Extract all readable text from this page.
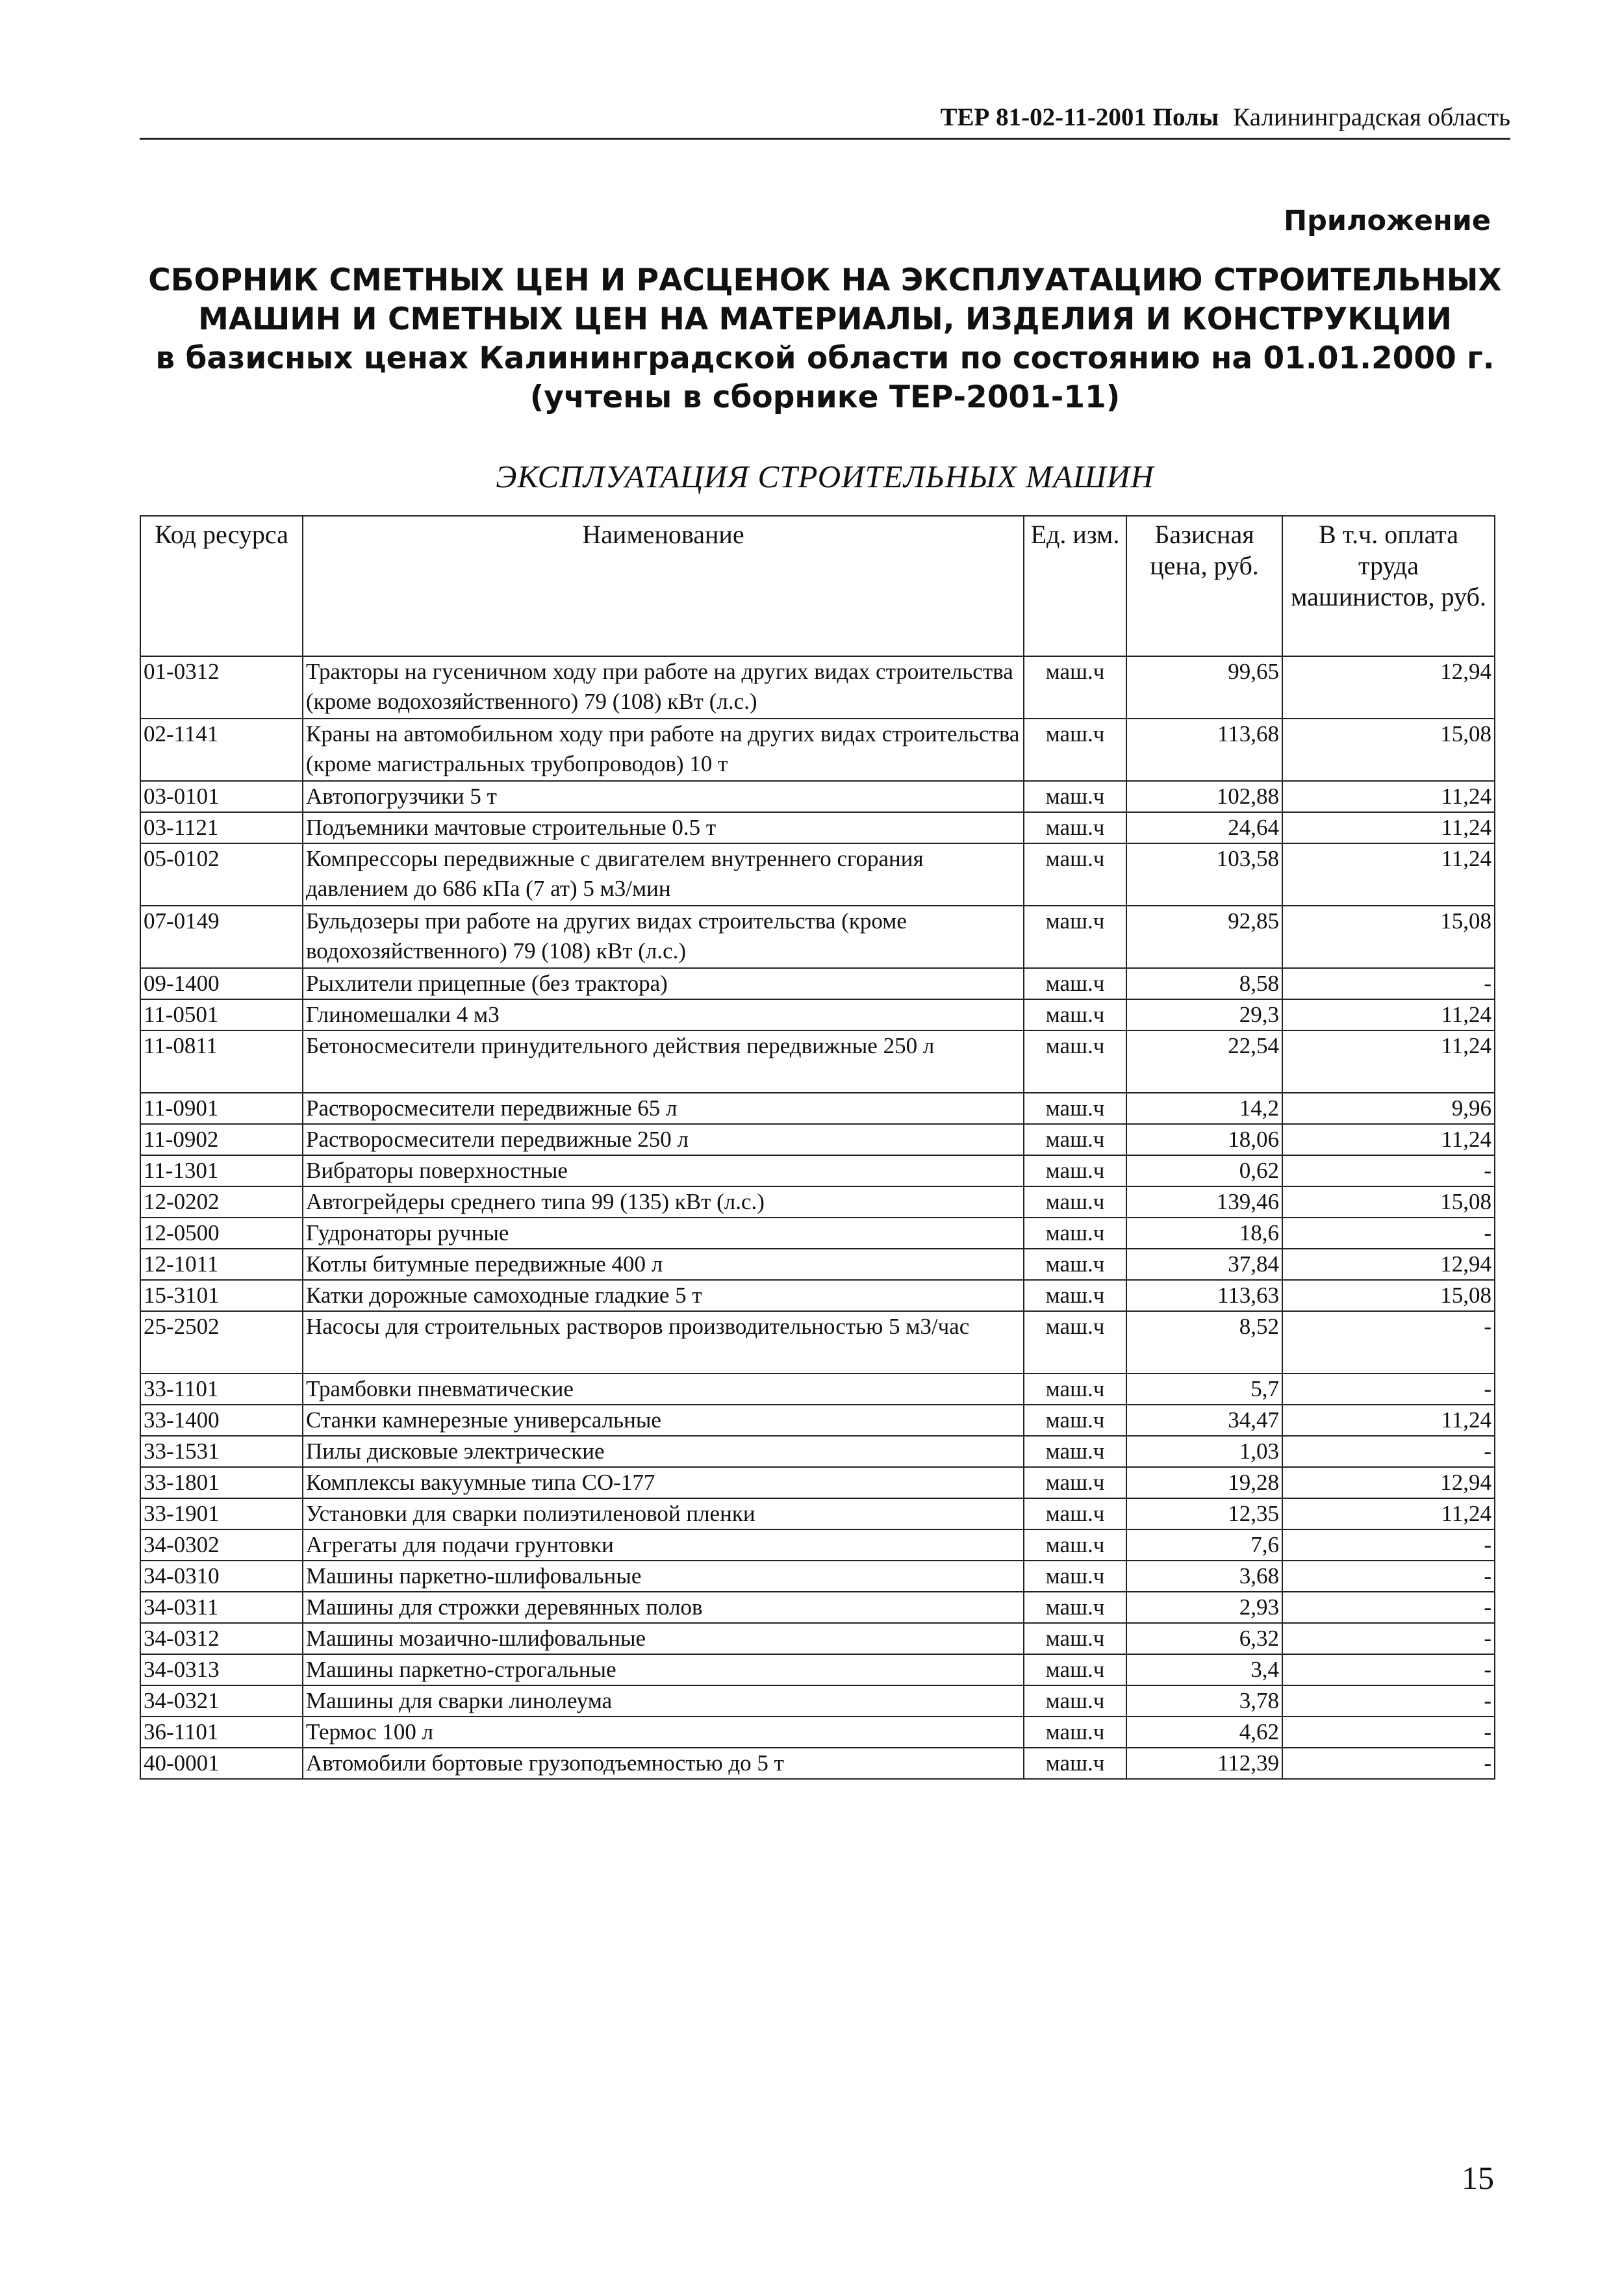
ТЕР 81-02-11-2001 Полы Калининградская область
Приложение
СБОРНИК СМЕТНЫХ ЦЕН И РАСЦЕНОК НА ЭКСПЛУАТАЦИЮ СТРОИТЕЛЬНЫХ
МАШИН И СМЕТНЫХ ЦЕН НА МАТЕРИАЛЫ, ИЗДЕЛИЯ И КОНСТРУКЦИИ
в базисных ценах Калининградской области по состоянию на 01.01.2000 г.
(учтены в сборнике ТЕР-2001-11)
ЭКСПЛУАТАЦИЯ СТРОИТЕЛЬНЫХ МАШИН
Код ресурса	Наименование	Ед. изм.	Базисная цена, руб.	В т.ч. оплата труда машинистов, руб.
01-0312	Тракторы на гусеничном ходу при работе на других видах строительства (кроме водохозяйственного) 79 (108) кВт (л.с.)	маш.ч	99,65	12,94
02-1141	Краны на автомобильном ходу при работе на других видах строительства (кроме магистральных трубопроводов) 10 т	маш.ч	113,68	15,08
03-0101	Автопогрузчики 5 т	маш.ч	102,88	11,24
03-1121	Подъемники мачтовые строительные 0.5 т	маш.ч	24,64	11,24
05-0102	Компрессоры передвижные с двигателем внутреннего сгорания давлением до 686 кПа (7 ат) 5 м3/мин	маш.ч	103,58	11,24
07-0149	Бульдозеры при работе на других видах строительства (кроме водохозяйственного) 79 (108) кВт (л.с.)	маш.ч	92,85	15,08
09-1400	Рыхлители прицепные (без трактора)	маш.ч	8,58	-
11-0501	Глиномешалки 4 м3	маш.ч	29,3	11,24
11-0811	Бетоносмесители принудительного действия передвижные 250 л	маш.ч	22,54	11,24
11-0901	Растворосмесители передвижные 65 л	маш.ч	14,2	9,96
11-0902	Растворосмесители передвижные 250 л	маш.ч	18,06	11,24
11-1301	Вибраторы поверхностные	маш.ч	0,62	-
12-0202	Автогрейдеры среднего типа 99 (135) кВт (л.с.)	маш.ч	139,46	15,08
12-0500	Гудронаторы ручные	маш.ч	18,6	-
12-1011	Котлы битумные передвижные 400 л	маш.ч	37,84	12,94
15-3101	Катки дорожные самоходные гладкие 5 т	маш.ч	113,63	15,08
25-2502	Насосы для строительных растворов производительностью 5 м3/час	маш.ч	8,52	-
33-1101	Трамбовки пневматические	маш.ч	5,7	-
33-1400	Станки камнерезные универсальные	маш.ч	34,47	11,24
33-1531	Пилы дисковые электрические	маш.ч	1,03	-
33-1801	Комплексы вакуумные типа СО-177	маш.ч	19,28	12,94
33-1901	Установки для сварки полиэтиленовой пленки	маш.ч	12,35	11,24
34-0302	Агрегаты для подачи грунтовки	маш.ч	7,6	-
34-0310	Машины паркетно-шлифовальные	маш.ч	3,68	-
34-0311	Машины для строжки деревянных полов	маш.ч	2,93	-
34-0312	Машины мозаично-шлифовальные	маш.ч	6,32	-
34-0313	Машины паркетно-строгальные	маш.ч	3,4	-
34-0321	Машины для сварки линолеума	маш.ч	3,78	-
36-1101	Термос 100 л	маш.ч	4,62	-
40-0001	Автомобили бортовые грузоподъемностью до 5 т	маш.ч	112,39	-
15
